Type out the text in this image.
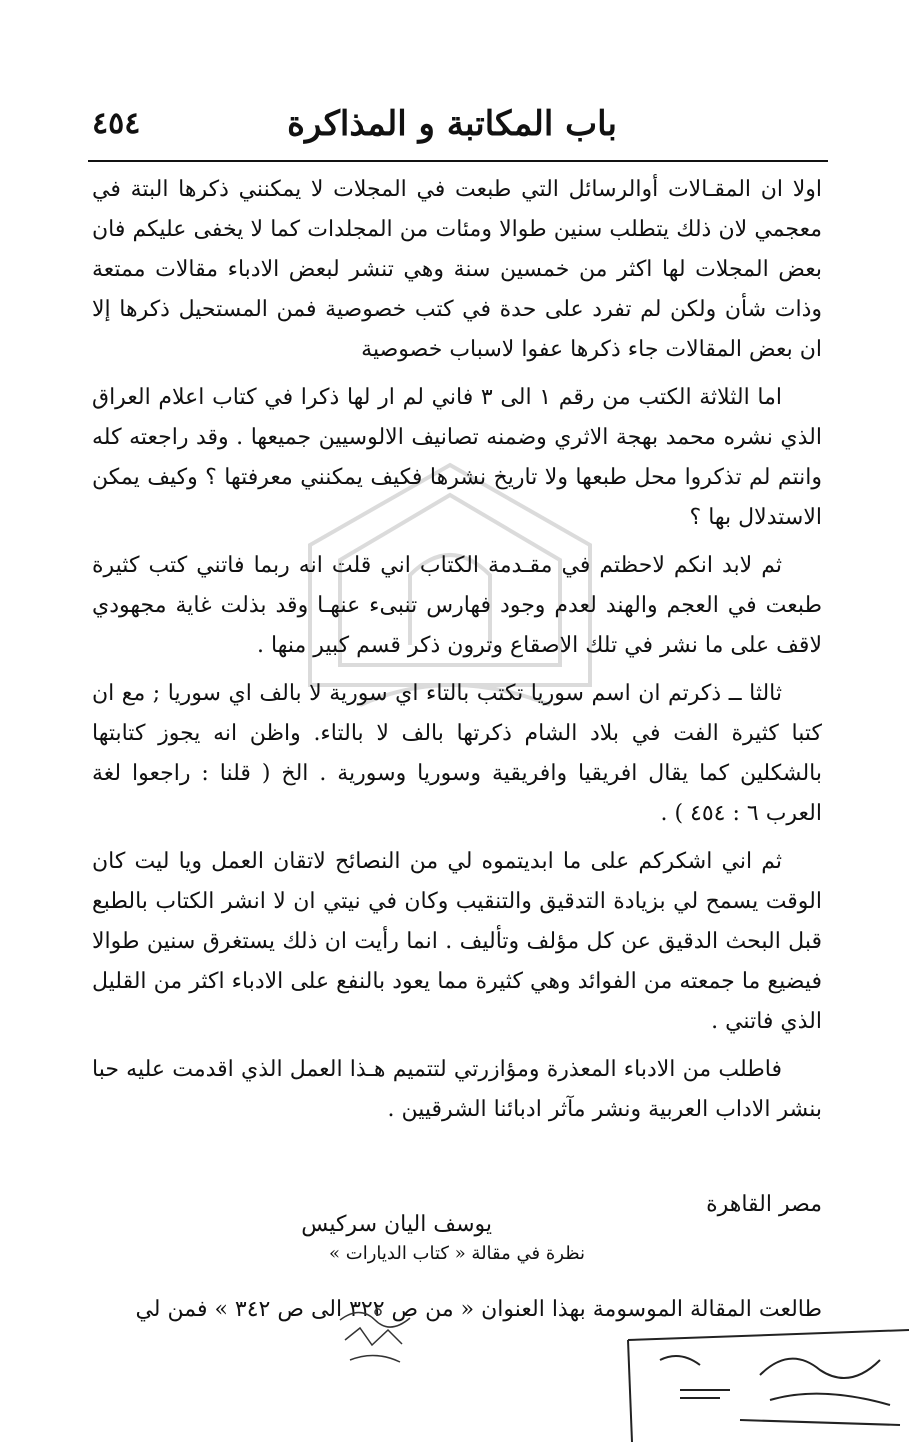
باب المكاتبة و المذاكرة
٤٥٤

اولا ان المقـالات أوالرسائل التي طبعت في المجلات لا يمكنني ذكرها البتة في معجمي لان ذلك يتطلب سنين طوالا ومئات من المجلدات كما لا يخفى عليكم فان بعض المجلات لها اكثر من خمسين سنة وهي تنشر لبعض الادباء مقالات ممتعة وذات شأن ولكن لم تفرد على حدة في كتب خصوصية فمن المستحيل ذكرها إلا ان بعض المقالات جاء ذكرها عفوا لاسباب خصوصية

اما الثلاثة الكتب من رقم ١ الى ٣ فاني لم ار لها ذكرا في كتاب اعلام العراق الذي نشره محمد بهجة الاثري وضمنه تصانيف الالوسيين جميعها . وقد راجعته كله وانتم لم تذكروا محل طبعها ولا تاريخ نشرها فكيف يمكنني معرفتها ؟ وكيف يمكن الاستدلال بها ؟

ثم لابد انكم لاحظتم في مقـدمة الكتاب اني قلت انه ربما فاتني كتب كثيرة طبعت في العجم والهند لعدم وجود فهارس تنبىء عنهـا وقد بذلت غاية مجهودي لاقف على ما نشر في تلك الاصقاع وترون ذكر قسم كبير منها .

ثالثا ــ ذكرتم ان اسم سوريا تكتب بالتاء اي سورية لا بالف اي سوريا ; مع ان كتبا كثيرة الفت في بلاد الشام ذكرتها بالف لا بالتاء. واظن انه يجوز كتابتها بالشكلين كما يقال افريقيا وافريقية وسوريا وسورية . الخ ( قلنا : راجعوا لغة العرب ٦ : ٤٥٤ ) .

ثم اني اشكركم على ما ابديتموه لي من النصائح لاتقان العمل ويا ليت كان الوقت يسمح لي بزيادة التدقيق والتنقيب وكان في نيتي ان لا انشر الكتاب بالطبع قبل البحث الدقيق عن كل مؤلف وتأليف . انما رأيت ان ذلك يستغرق سنين طوالا فيضيع ما جمعته من الفوائد وهي كثيرة مما يعود بالنفع على الادباء اكثر من القليل الذي فاتني .

فاطلب من الادباء المعذرة ومؤازرتي لتتميم هـذا العمل الذي اقدمت عليه حبا بنشر الاداب العربية ونشر مآثر ادبائنا الشرقيين .

مصر القاهرة
يوسف اليان سركيس
نظرة في مقالة « كتاب الديارات »
طالعت المقالة الموسومة بهذا العنوان « من ص ٣٢٢ الى ص ٣٤٢ » فمن لي
